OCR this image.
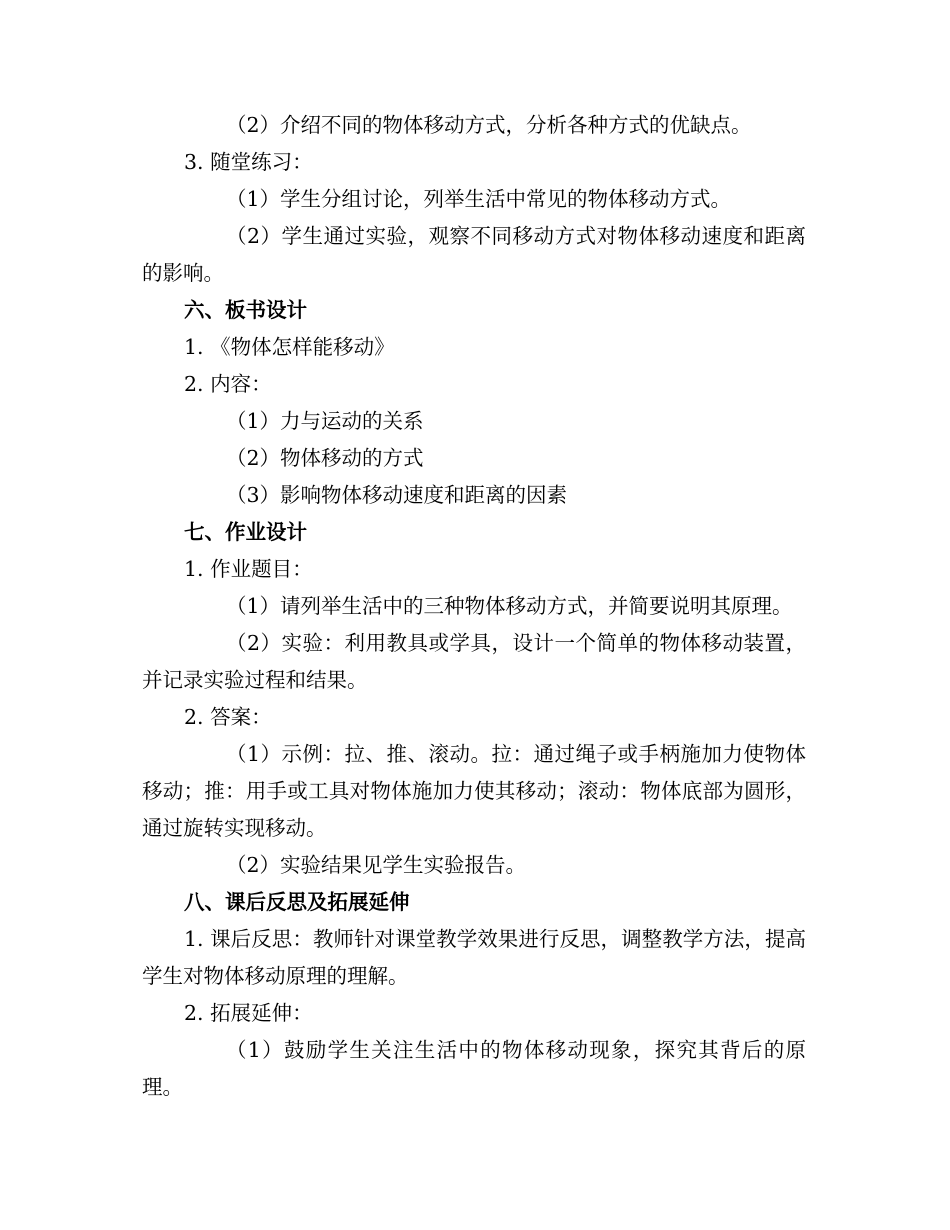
（2）介绍不同的物体移动方式，分析各种方式的优缺点。

3. 随堂练习：

（1）学生分组讨论，列举生活中常见的物体移动方式。

（2）学生通过实验，观察不同移动方式对物体移动速度和距离的影响。

六、板书设计

1. 《物体怎样能移动》

2. 内容：

（1）力与运动的关系

（2）物体移动的方式

（3）影响物体移动速度和距离的因素

七、作业设计

1. 作业题目：

（1）请列举生活中的三种物体移动方式，并简要说明其原理。

（2）实验：利用教具或学具，设计一个简单的物体移动装置，并记录实验过程和结果。

2. 答案：

（1）示例：拉、推、滚动。拉：通过绳子或手柄施加力使物体移动；推：用手或工具对物体施加力使其移动；滚动：物体底部为圆形，通过旋转实现移动。

（2）实验结果见学生实验报告。

八、课后反思及拓展延伸

1. 课后反思：教师针对课堂教学效果进行反思，调整教学方法，提高学生对物体移动原理的理解。

2. 拓展延伸：

（1）鼓励学生关注生活中的物体移动现象，探究其背后的原理。
